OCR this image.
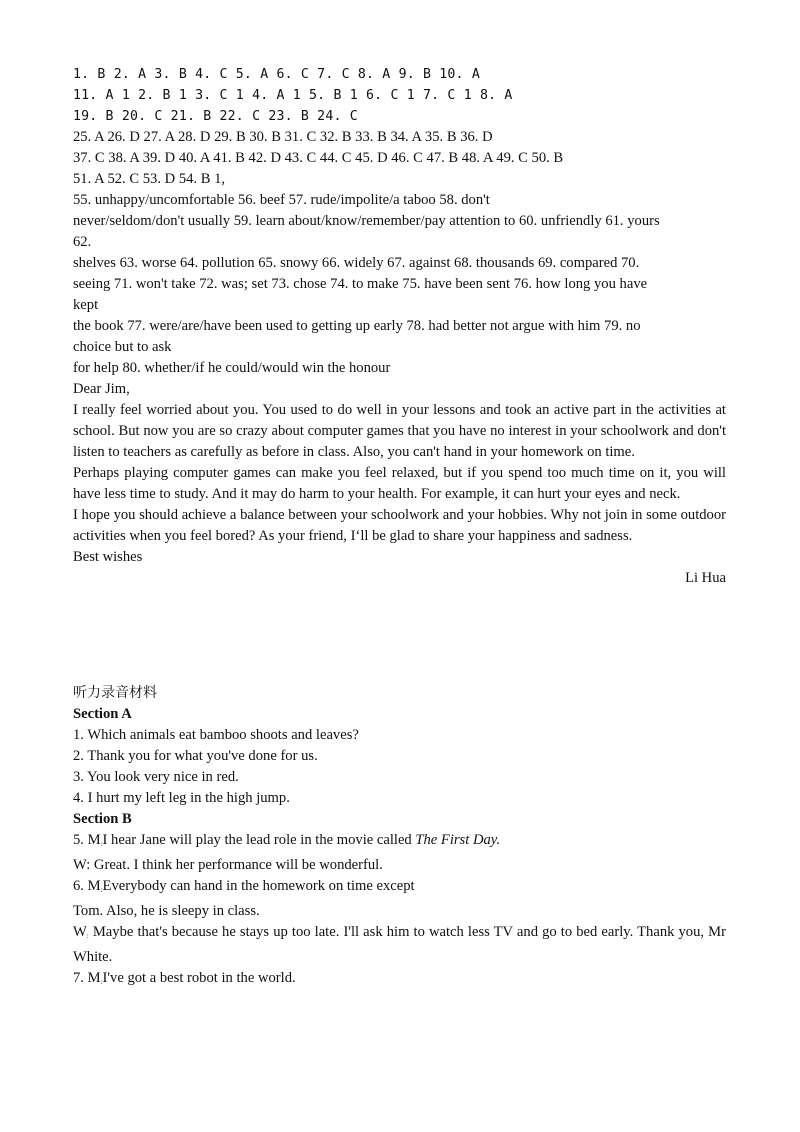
1. B 2. A 3. B 4. C 5. A 6. C 7. C 8. A 9. B 10. A
11. A 1 2. B 1 3. C 1 4. A 1 5. B 1 6. C 1 7. C 1 8. A
19. B 20. C 21. B 22. C 23. B 24. C
25. A 26. D 27. A 28. D 29. B 30. B 31. C 32. B 33. B 34. A 35. B 36. D
37. C 38. A 39. D 40. A 41. B 42. D 43. C 44. C 45. D 46. C 47. B 48. A 49. C 50. B
51. A 52. C 53. D 54. B 1,
55. unhappy/uncomfortable 56. beef 57. rude/impolite/a taboo 58. don't
never/seldom/don't usually 59. learn about/know/remember/pay attention to 60. unfriendly 61. yours
62.
shelves 63. worse 64. pollution 65. snowy 66. widely 67. against 68. thousands 69. compared 70.
seeing 71. won't take 72. was; set 73. chose 74. to make 75. have been sent 76. how long you have
kept
the book 77. were/are/have been used to getting up early 78. had better not argue with him 79. no
choice but to ask
for help 80. whether/if he could/would win the honour
Dear Jim,
I really feel worried about you. You used to do well in your lessons and took an active part in the activities at school. But now you are so crazy about computer games that you have no interest in your schoolwork and don't listen to teachers as carefully as before in class. Also, you can't hand in your homework on time.
Perhaps playing computer games can make you feel relaxed, but if you spend too much time on it, you will have less time to study. And it may do harm to your health. For example, it can hurt your eyes and neck.
I hope you should achieve a balance between your schoolwork and your hobbies. Why not join in some outdoor activities when you feel bored? As your friend, I‘ll be glad to share your happiness and sadness.
Best wishes
Li Hua
听力录音材料
Section A
1. Which animals eat bamboo shoots and leaves?
2. Thank you for what you've done for us.
3. You look very nice in red.
4. I hurt my left leg in the high jump.
Section B
5. $M_:I$ hear Jane will play the lead role in the movie called The First Day.
W: Great. I think her performance will be wonderful.
6. $M_:Everybody$ can hand in the homework on time except
Tom. Also, he is sleepy in class.
$W_:$ Maybe that's because he stays up too late. I'll ask him to watch less TV and go to bed early. Thank you, Mr White.
7. $M_:I've$ got a best robot in the world.
